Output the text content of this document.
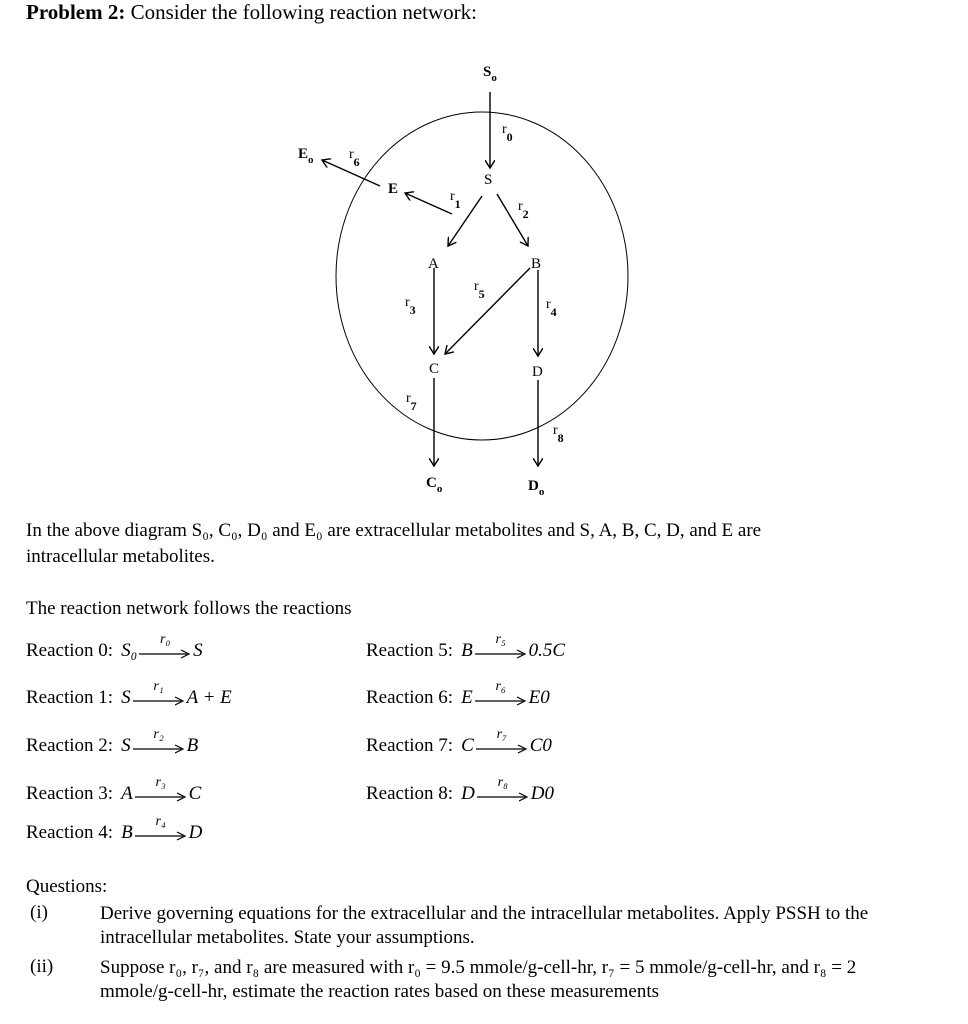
Problem 2: Consider the following reaction network:
$S_o$
S
A	B
C	D
E
$E_o$
$C_o$	$D_o$
r0
r1	r2
r3	r4
r5
r6
r7
r8
In the above diagram S₀, C₀, D₀ and E₀ are extracellular metabolites and S, A, B, C, D, and E are
intracellular metabolites.
The reaction network follows the reactions
Reaction 0: S₀
r₀
S
Reaction 1: S
r₁
A + E
Reaction 2: S
r₂
B
Reaction 3: A
r₃
C
Reaction 4: B
r₄
D
Reaction 5: B
r₅
0.5C
Reaction 6: E
r₆
E0
Reaction 7: C
r₇
C0
Reaction 8: D
r₈
D0
Questions:
(i)	Derive governing equations for the extracellular and the intracellular metabolites. Apply PSSH to the intracellular metabolites. State your assumptions.
(ii) Suppose r₀, r₇, and r₈ are measured with r₀ = 9.5 mmole/g-cell-hr, r₇ = 5 mmole/g-cell-hr, and r₈ = 2 mmole/g-cell-hr, estimate the reaction rates based on these measurements
